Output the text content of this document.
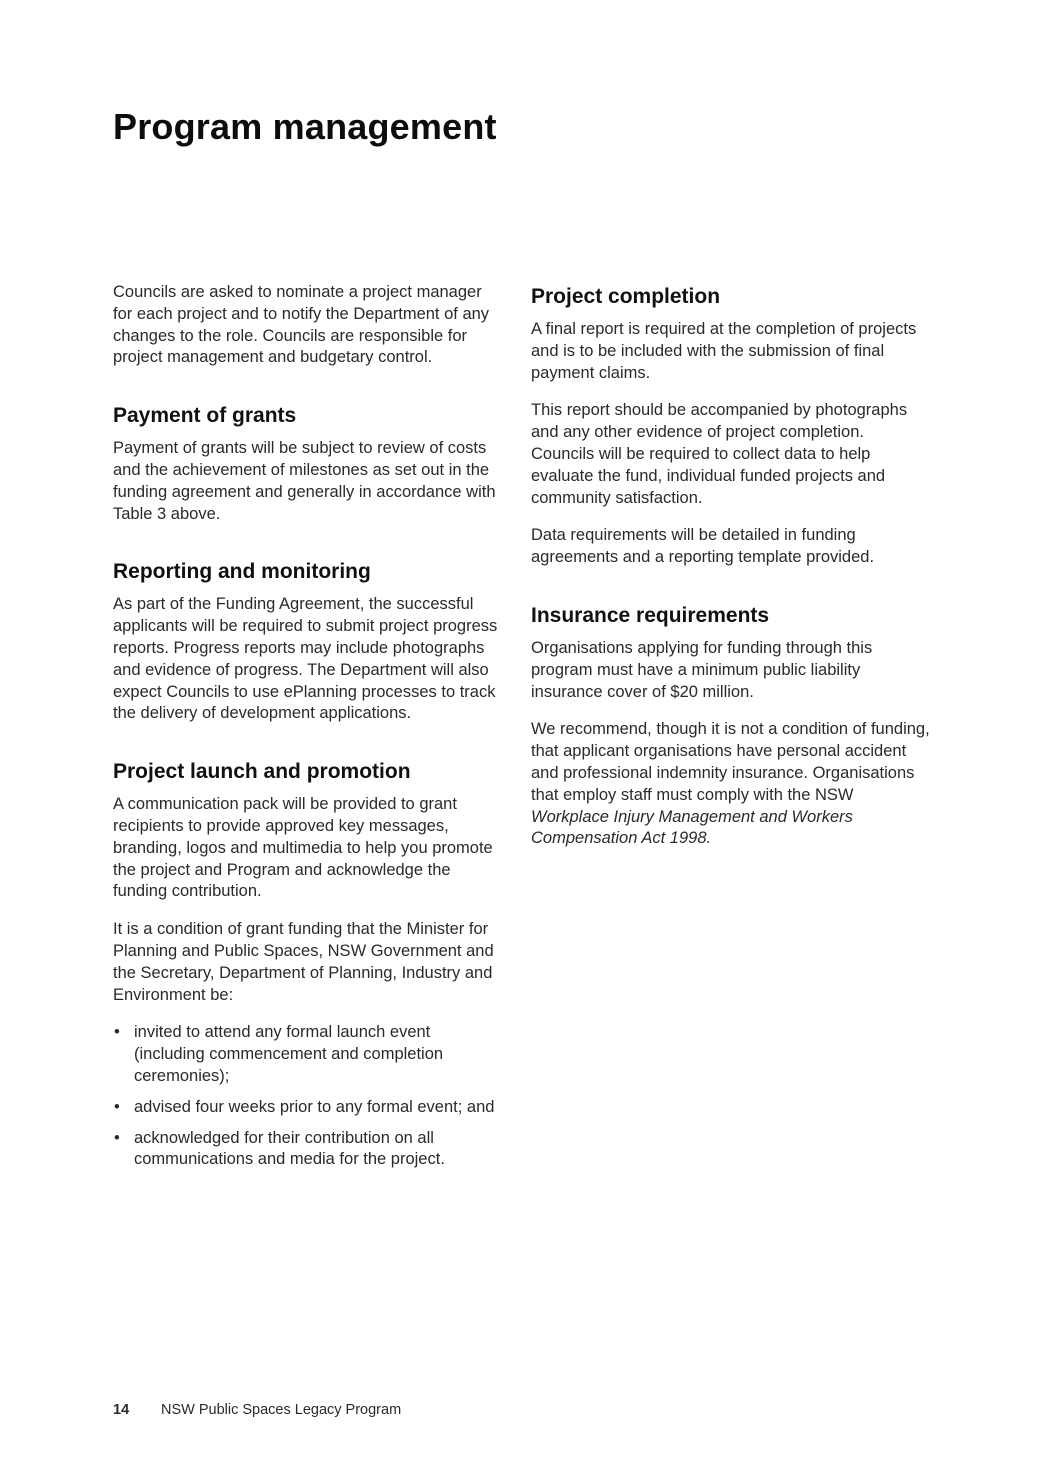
Program management

Councils are asked to nominate a project manager for each project and to notify the Department of any changes to the role. Councils are responsible for project management and budgetary control.

Payment of grants

Payment of grants will be subject to review of costs and the achievement of milestones as set out in the funding agreement and generally in accordance with Table 3 above.

Reporting and monitoring

As part of the Funding Agreement, the successful applicants will be required to submit project progress reports. Progress reports may include photographs and evidence of progress. The Department will also expect Councils to use ePlanning processes to track the delivery of development applications.

Project launch and promotion

A communication pack will be provided to grant recipients to provide approved key messages, branding, logos and multimedia to help you promote the project and Program and acknowledge the funding contribution.

It is a condition of grant funding that the Minister for Planning and Public Spaces, NSW Government and the Secretary, Department of Planning, Industry and Environment be:

• invited to attend any formal launch event (including commencement and completion ceremonies);
• advised four weeks prior to any formal event; and
• acknowledged for their contribution on all communications and media for the project.
Project completion

A final report is required at the completion of projects and is to be included with the submission of final payment claims.

This report should be accompanied by photographs and any other evidence of project completion. Councils will be required to collect data to help evaluate the fund, individual funded projects and community satisfaction.

Data requirements will be detailed in funding agreements and a reporting template provided.

Insurance requirements

Organisations applying for funding through this program must have a minimum public liability insurance cover of $20 million.

We recommend, though it is not a condition of funding, that applicant organisations have personal accident and professional indemnity insurance. Organisations that employ staff must comply with the NSW Workplace Injury Management and Workers Compensation Act 1998.

14 NSW Public Spaces Legacy Program
